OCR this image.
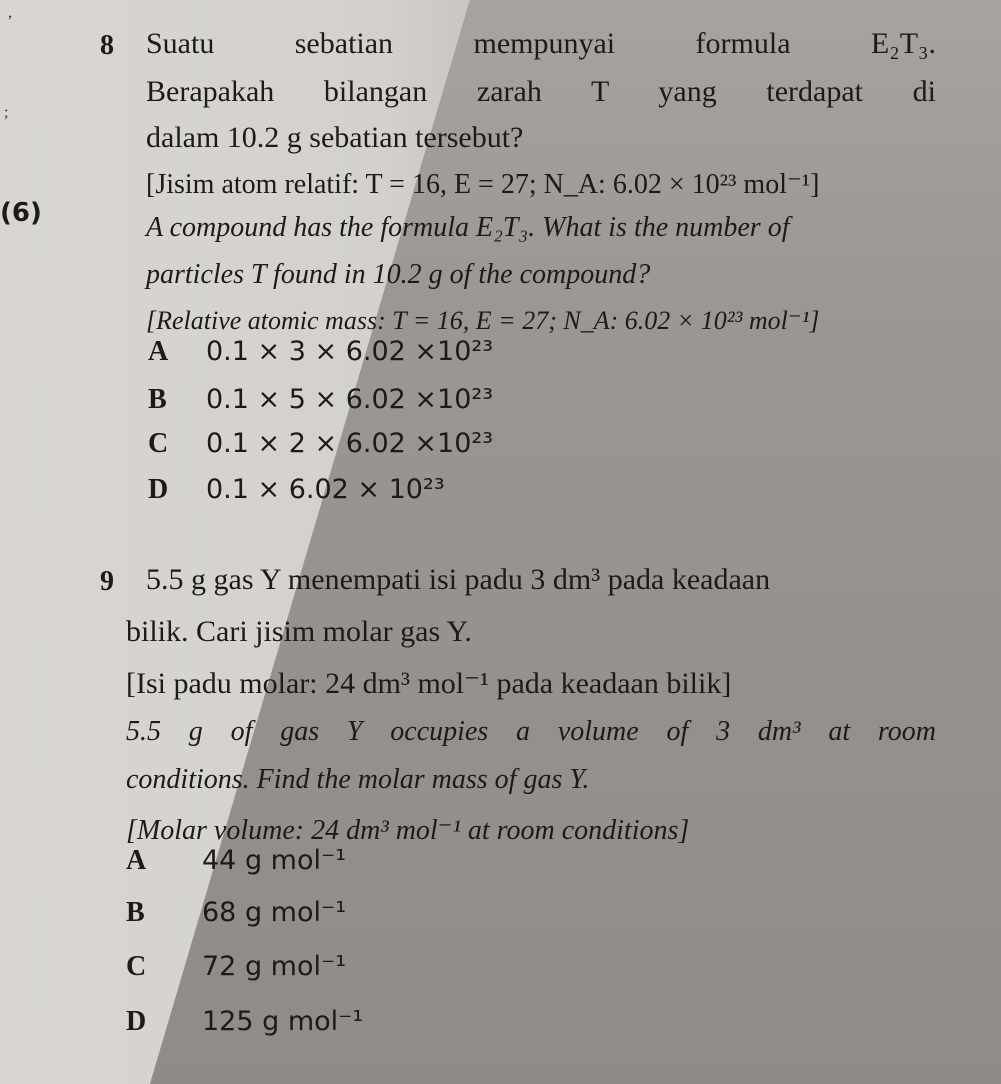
,
;
(6)
8 Suatu sebatian mempunyai formula E₂T₃.
Berapakah bilangan zarah T yang terdapat di
dalam 10.2 g sebatian tersebut?
[Jisim atom relatif: T = 16, E = 27; N_A: 6.02 × 10²³ mol⁻¹]
A compound has the formula E₂T₃. What is the number of
particles T found in 10.2 g of the compound?
[Relative atomic mass: T = 16, E = 27; N_A: 6.02 × 10²³ mol⁻¹]
A 0.1 × 3 × 6.02 ×10²³
B 0.1 × 5 × 6.02 ×10²³
C 0.1 × 2 × 6.02 ×10²³
D 0.1 × 6.02 × 10²³
9 5.5 g gas Y menempati isi padu 3 dm³ pada keadaan
bilik. Cari jisim molar gas Y.
[Isi padu molar: 24 dm³ mol⁻¹ pada keadaan bilik]
5.5 g of gas Y occupies a volume of 3 dm³ at room
conditions. Find the molar mass of gas Y.
[Molar volume: 24 dm³ mol⁻¹ at room conditions]
A 44 g mol⁻¹
B 68 g mol⁻¹
C 72 g mol⁻¹
D 125 g mol⁻¹
